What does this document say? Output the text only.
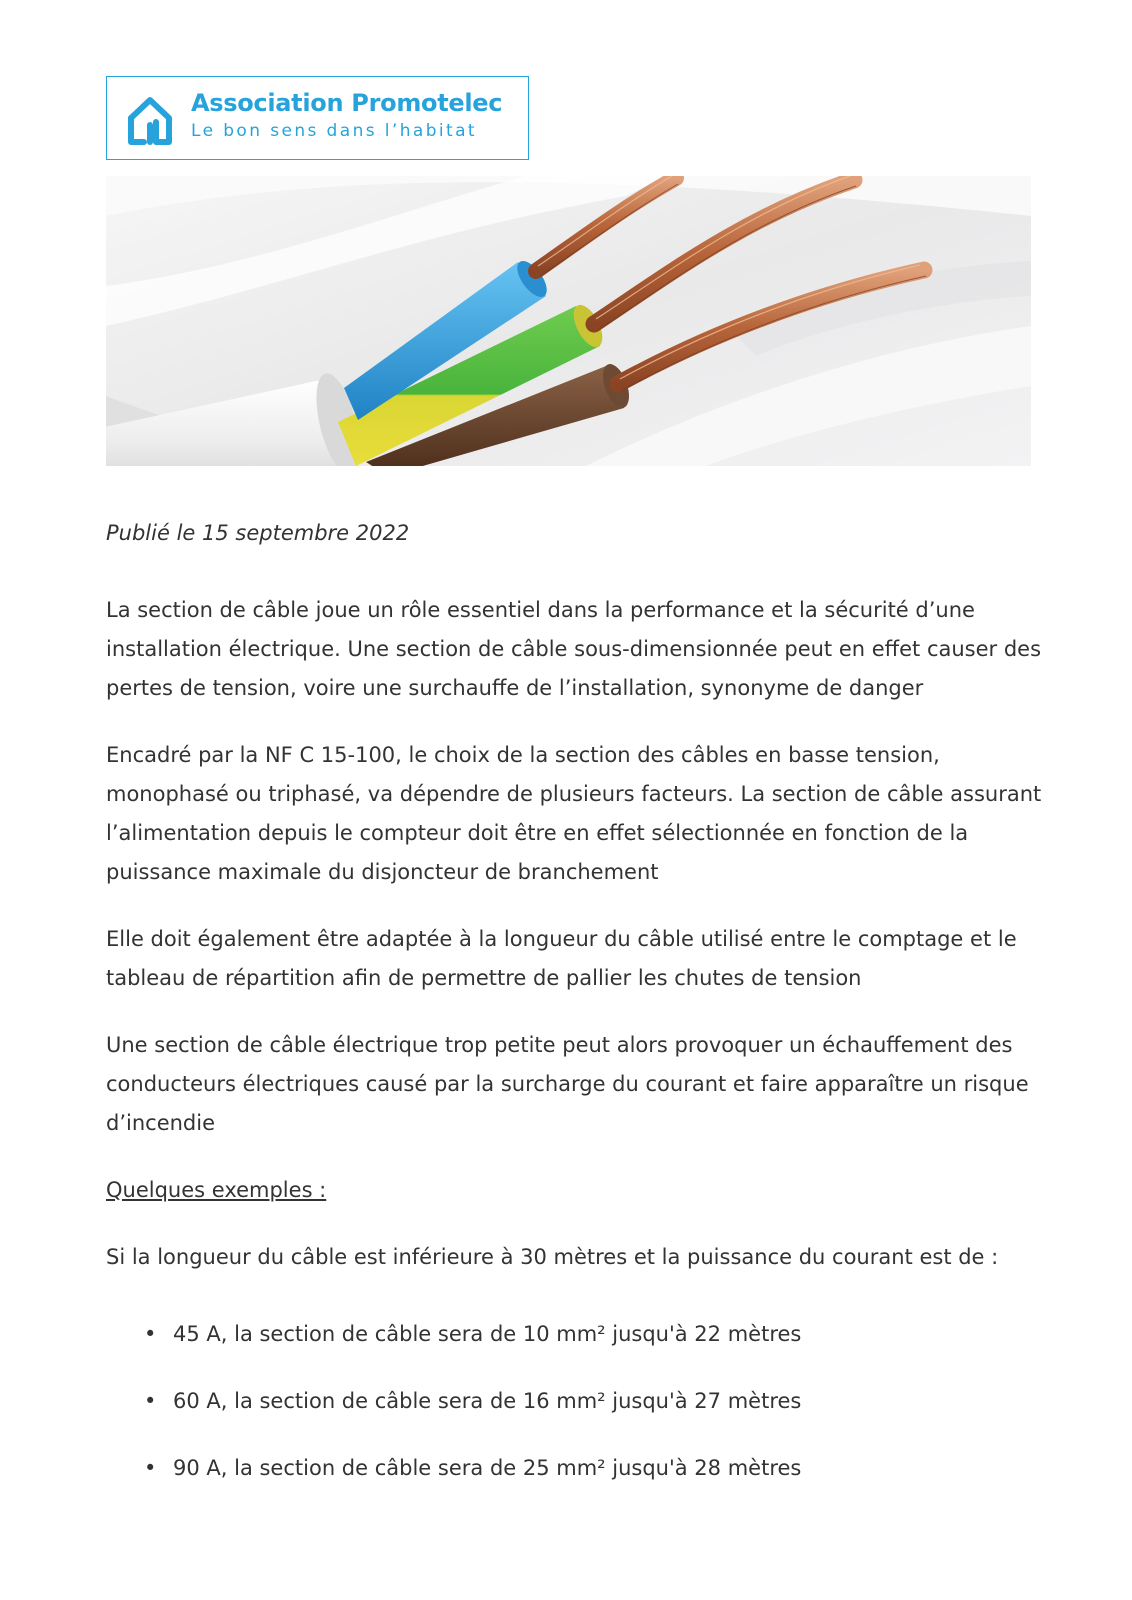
Association Promotelec
Le bon sens dans l’habitat

Publié le 15 septembre 2022

La section de câble joue un rôle essentiel dans la performance et la sécurité d’une installation électrique. Une section de câble sous-dimensionnée peut en effet causer des pertes de tension, voire une surchauffe de l’installation, synonyme de danger

Encadré par la NF C 15-100, le choix de la section des câbles en basse tension, monophasé ou triphasé, va dépendre de plusieurs facteurs. La section de câble assurant l’alimentation depuis le compteur doit être en effet sélectionnée en fonction de la puissance maximale du disjoncteur de branchement

Elle doit également être adaptée à la longueur du câble utilisé entre le comptage et le tableau de répartition afin de permettre de pallier les chutes de tension

Une section de câble électrique trop petite peut alors provoquer un échauffement des conducteurs électriques causé par la surcharge du courant et faire apparaître un risque d’incendie

Quelques exemples :

Si la longueur du câble est inférieure à 30 mètres et la puissance du courant est de :

• 45 A, la section de câble sera de 10 mm² jusqu'à 22 mètres
• 60 A, la section de câble sera de 16 mm² jusqu'à 27 mètres
• 90 A, la section de câble sera de 25 mm² jusqu'à 28 mètres
